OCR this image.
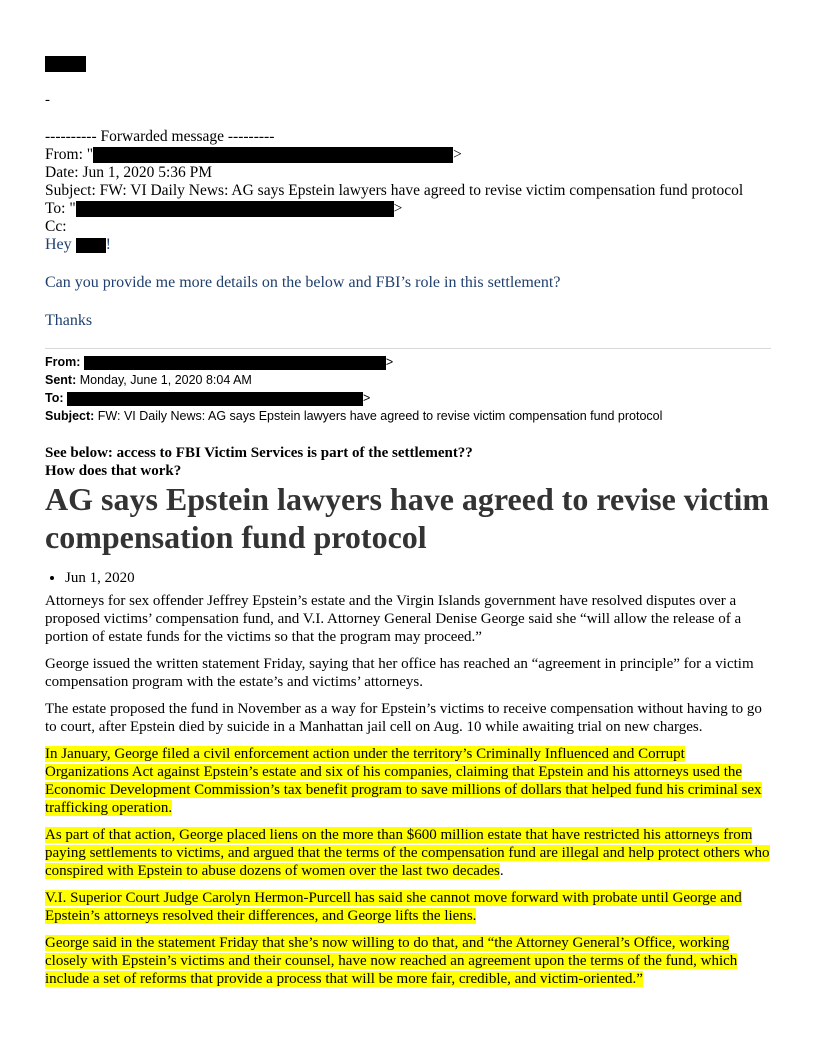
-
---------- Forwarded message ---------
From: "	>
Date: Jun 1, 2020 5:36 PM
Subject: FW: VI Daily News: AG says Epstein lawyers have agreed to revise victim compensation fund protocol
To: "	>
Cc:
Hey !
Can you provide me more details on the below and FBI’s role in this settlement?
Thanks
From:	>
Sent: Monday, June 1, 2020 8:04 AM
To:	>
Subject: FW: VI Daily News: AG says Epstein lawyers have agreed to revise victim compensation fund protocol
See below: access to FBI Victim Services is part of the settlement??
How does that work?
AG says Epstein lawyers have agreed to revise victim compensation fund protocol
• Jun 1, 2020

Attorneys for sex offender Jeffrey Epstein’s estate and the Virgin Islands government have resolved disputes over a proposed victims’ compensation fund, and V.I. Attorney General Denise George said she “will allow the release of a portion of estate funds for the victims so that the program may proceed.”

George issued the written statement Friday, saying that her office has reached an “agreement in principle” for a victim compensation program with the estate’s and victims’ attorneys.

The estate proposed the fund in November as a way for Epstein’s victims to receive compensation without having to go to court, after Epstein died by suicide in a Manhattan jail cell on Aug. 10 while awaiting trial on new charges.

In January, George filed a civil enforcement action under the territory’s Criminally Influenced and Corrupt Organizations Act against Epstein’s estate and six of his companies, claiming that Epstein and his attorneys used the Economic Development Commission’s tax benefit program to save millions of dollars that helped fund his criminal sex trafficking operation.

As part of that action, George placed liens on the more than $600 million estate that have restricted his attorneys from paying settlements to victims, and argued that the terms of the compensation fund are illegal and help protect others who conspired with Epstein to abuse dozens of women over the last two decades.

V.I. Superior Court Judge Carolyn Hermon-Purcell has said she cannot move forward with probate until George and Epstein’s attorneys resolved their differences, and George lifts the liens.

George said in the statement Friday that she’s now willing to do that, and “the Attorney General’s Office, working closely with Epstein’s victims and their counsel, have now reached an agreement upon the terms of the fund, which include a set of reforms that provide a process that will be more fair, credible, and victim-oriented.”
